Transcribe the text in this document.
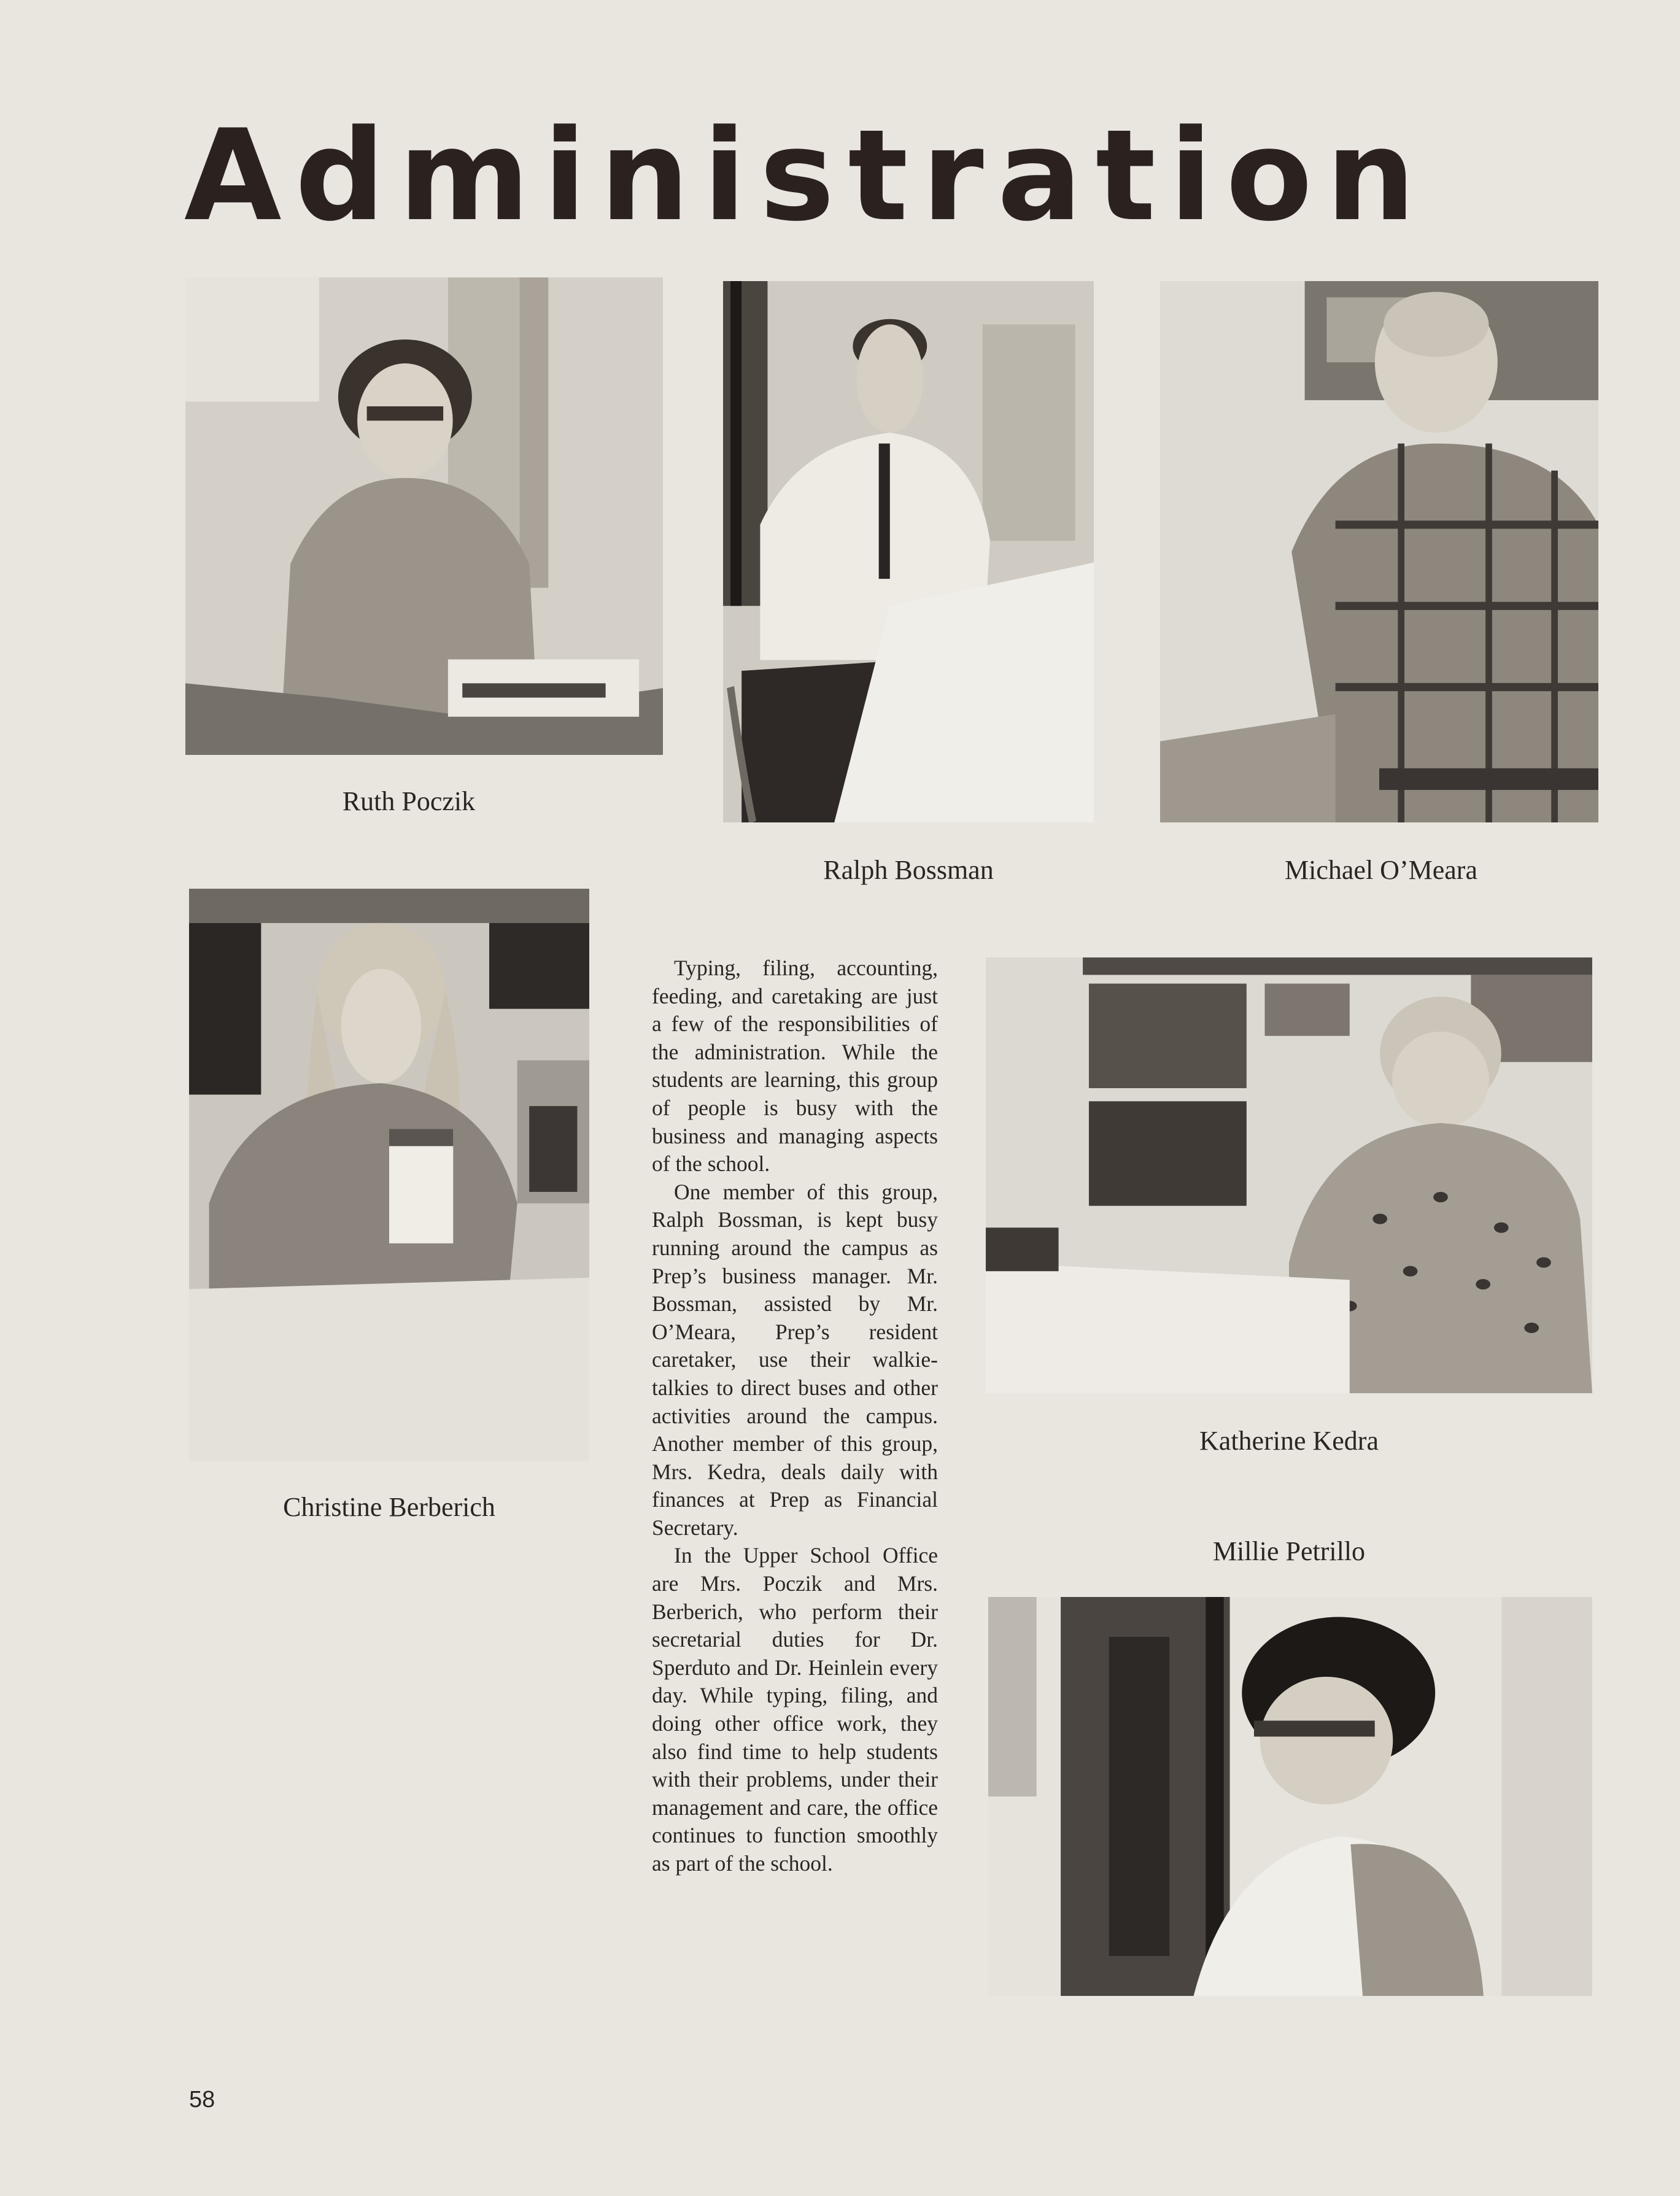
Administration
Ruth Poczik
Ralph Bossman	Michael O’Meara
Christine Berberich

Typing, filing, accounting, feeding, and caretaking are just a few of the responsibilities of the administration. While the students are learning, this group of people is busy with the business and managing aspects of the school.

One member of this group, Ralph Bossman, is kept busy running around the campus as Prep’s business manager. Mr. Bossman, assisted by Mr. O’Meara, Prep’s resident caretaker, use their walkie-talkies to direct buses and other activities around the campus. Another member of this group, Mrs. Kedra, deals daily with finances at Prep as Financial Secretary.

In the Upper School Office are Mrs. Poczik and Mrs. Berberich, who perform their secretarial duties for Dr. Sperduto and Dr. Heinlein every day. While typing, filing, and doing other office work, they also find time to help students with their problems, under their management and care, the office continues to function smoothly as part of the school.

Katherine Kedra
Millie Petrillo
58
